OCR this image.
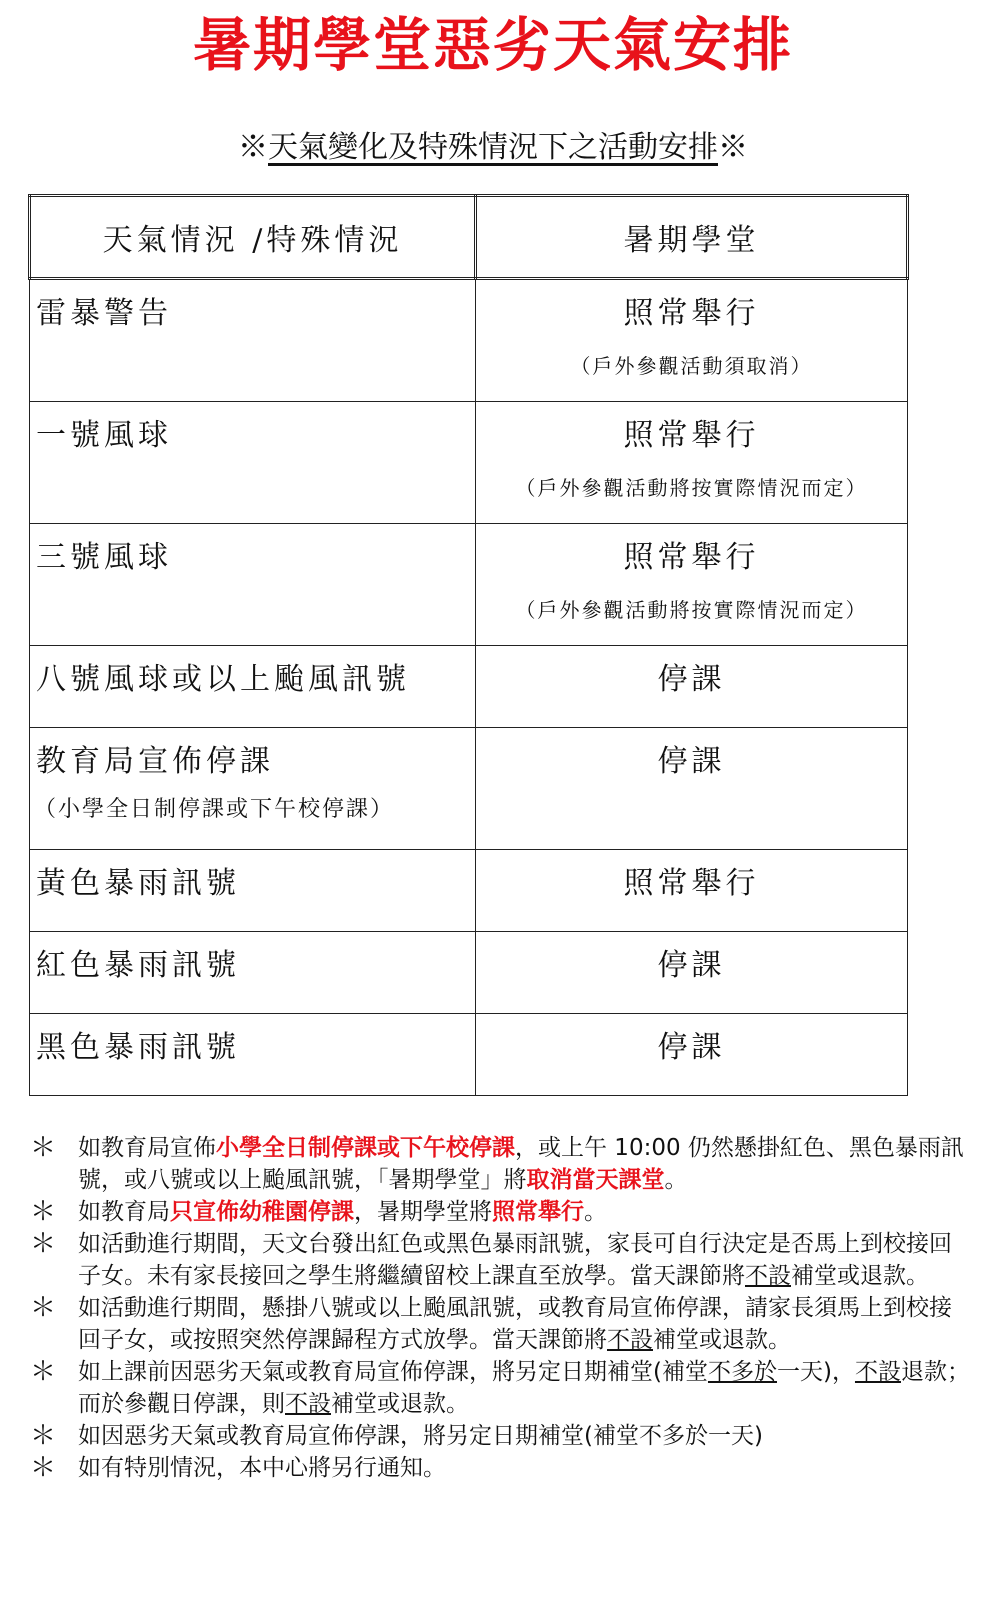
暑期學堂惡劣天氣安排
※天氣變化及特殊情況下之活動安排※
天氣情況 /特殊情況	暑期學堂

雷暴警告	照常舉行
（戶外參觀活動須取消）

一號風球	照常舉行
（戶外參觀活動將按實際情況而定）

三號風球	照常舉行
（戶外參觀活動將按實際情況而定）

八號風球或以上颱風訊號	停課

教育局宣佈停課
（小學全日制停課或下午校停課）	停課

黃色暴雨訊號	照常舉行

紅色暴雨訊號	停課

黑色暴雨訊號	停課
＊ 如教育局宣佈小學全日制停課或下午校停課，或上午 10:00 仍然懸掛紅色、黑色暴雨訊號，或八號或以上颱風訊號，「暑期學堂」將取消當天課堂。
＊ 如教育局只宣佈幼稚園停課，暑期學堂將照常舉行。
＊ 如活動進行期間，天文台發出紅色或黑色暴雨訊號，家長可自行決定是否馬上到校接回子女。未有家長接回之學生將繼續留校上課直至放學。當天課節將不設補堂或退款。
＊ 如活動進行期間，懸掛八號或以上颱風訊號，或教育局宣佈停課，請家長須馬上到校接回子女，或按照突然停課歸程方式放學。當天課節將不設補堂或退款。
＊ 如上課前因惡劣天氣或教育局宣佈停課，將另定日期補堂(補堂不多於一天)，不設退款；而於參觀日停課，則不設補堂或退款。
＊ 如因惡劣天氣或教育局宣佈停課，將另定日期補堂(補堂不多於一天)
＊ 如有特別情況，本中心將另行通知。
